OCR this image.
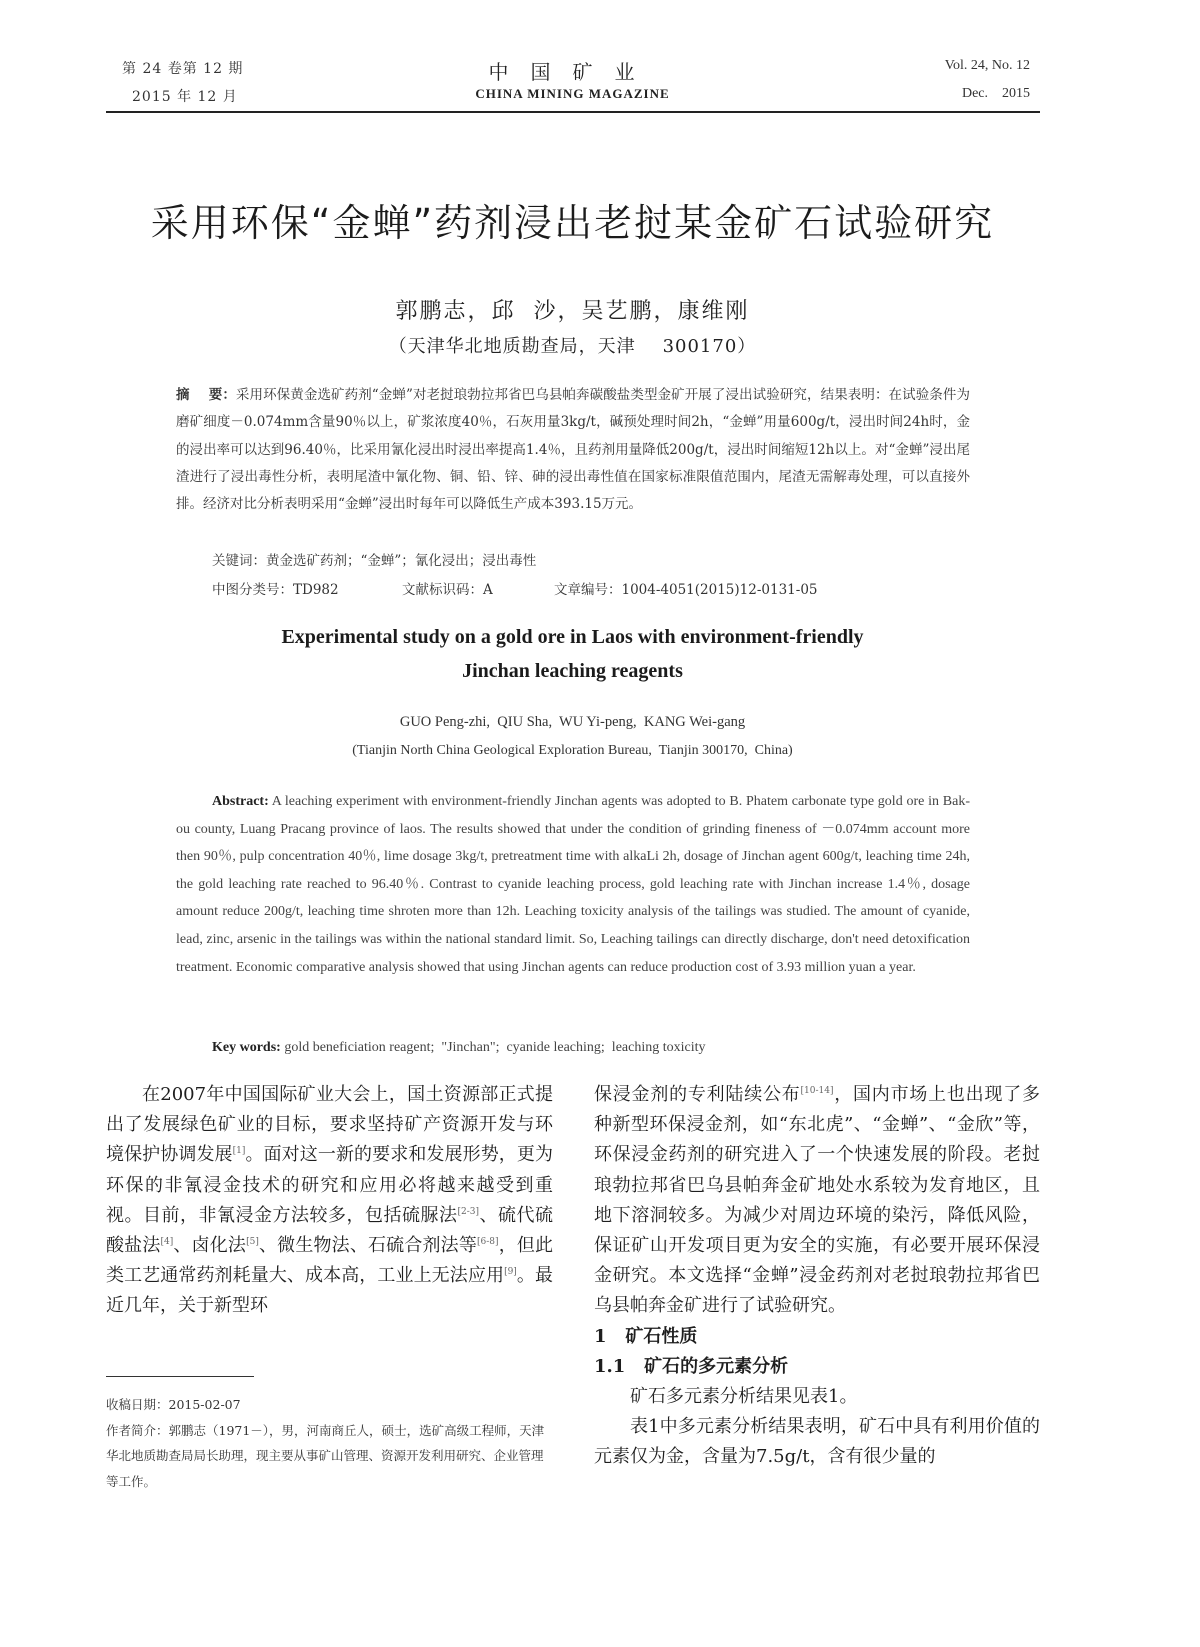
第 24 卷第 12 期
2015 年 12 月
中国矿业
CHINA MINING MAGAZINE
Vol. 24, No. 12
Dec.    2015
采用环保“金蝉”药剂浸出老挝某金矿石试验研究
郭鹏志，邱  沙，吴艺鹏，康维刚
（天津华北地质勘查局，天津    300170）
摘    要：采用环保黄金选矿药剂“金蝉”对老挝琅勃拉邦省巴乌县帕奔碳酸盐类型金矿开展了浸出试验研究，结果表明：在试验条件为磨矿细度－0.074mm含量90％以上，矿浆浓度40％，石灰用量3kg/t，碱预处理时间2h，“金蝉”用量600g/t，浸出时间24h时，金的浸出率可以达到96.40％，比采用氰化浸出时浸出率提高1.4％，且药剂用量降低200g/t，浸出时间缩短12h以上。对“金蝉”浸出尾渣进行了浸出毒性分析，表明尾渣中氰化物、铜、铅、锌、砷的浸出毒性值在国家标准限值范围内，尾渣无需解毒处理，可以直接外排。经济对比分析表明采用“金蝉”浸出时每年可以降低生产成本393.15万元。
关键词：黄金选矿药剂；“金蝉”；氰化浸出；浸出毒性
中图分类号：TD982	文献标识码：A	文章编号：1004-4051(2015)12-0131-05
Experimental study on a gold ore in Laos with environment-friendly
Jinchan leaching reagents
GUO Peng-zhi,  QIU Sha,  WU Yi-peng,  KANG Wei-gang
(Tianjin North China Geological Exploration Bureau,  Tianjin 300170,  China)
Abstract: A leaching experiment with environment-friendly Jinchan agents was adopted to B. Phatem carbonate type gold ore in Bak-ou county, Luang Pracang province of laos. The results showed that under the condition of grinding fineness of －0.074mm account more then 90％, pulp concentration 40％, lime dosage 3kg/t, pretreatment time with alkaLi 2h, dosage of Jinchan agent 600g/t, leaching time 24h, the gold leaching rate reached to 96.40％. Contrast to cyanide leaching process, gold leaching rate with Jinchan increase 1.4％, dosage amount reduce 200g/t, leaching time shroten more than 12h. Leaching toxicity analysis of the tailings was studied. The amount of cyanide, lead, zinc, arsenic in the tailings was within the national standard limit. So, Leaching tailings can directly discharge, don't need detoxification treatment. Economic comparative analysis showed that using Jinchan agents can reduce production cost of 3.93 million yuan a year.
Key words: gold beneficiation reagent;  "Jinchan";  cyanide leaching;  leaching toxicity
在2007年中国国际矿业大会上，国土资源部正式提出了发展绿色矿业的目标，要求坚持矿产资源开发与环境保护协调发展[1]。面对这一新的要求和发展形势，更为环保的非氰浸金技术的研究和应用必将越来越受到重视。目前，非氰浸金方法较多，包括硫脲法[2-3]、硫代硫酸盐法[4]、卤化法[5]、微生物法、石硫合剂法等[6-8]，但此类工艺通常药剂耗量大、成本高，工业上无法应用[9]。最近几年，关于新型环
收稿日期：2015-02-07
作者简介：郭鹏志（1971－），男，河南商丘人，硕士，选矿高级工程师，天津华北地质勘查局局长助理，现主要从事矿山管理、资源开发利用研究、企业管理等工作。
保浸金剂的专利陆续公布[10-14]，国内市场上也出现了多种新型环保浸金剂，如“东北虎”、“金蝉”、“金欣”等，环保浸金药剂的研究进入了一个快速发展的阶段。老挝琅勃拉邦省巴乌县帕奔金矿地处水系较为发育地区，且地下溶洞较多。为减少对周边环境的染污，降低风险，保证矿山开发项目更为安全的实施，有必要开展环保浸金研究。本文选择“金蝉”浸金药剂对老挝琅勃拉邦省巴乌县帕奔金矿进行了试验研究。
1   矿石性质
1.1   矿石的多元素分析
矿石多元素分析结果见表1。
表1中多元素分析结果表明，矿石中具有利用价值的元素仅为金，含量为7.5g/t，含有很少量的
